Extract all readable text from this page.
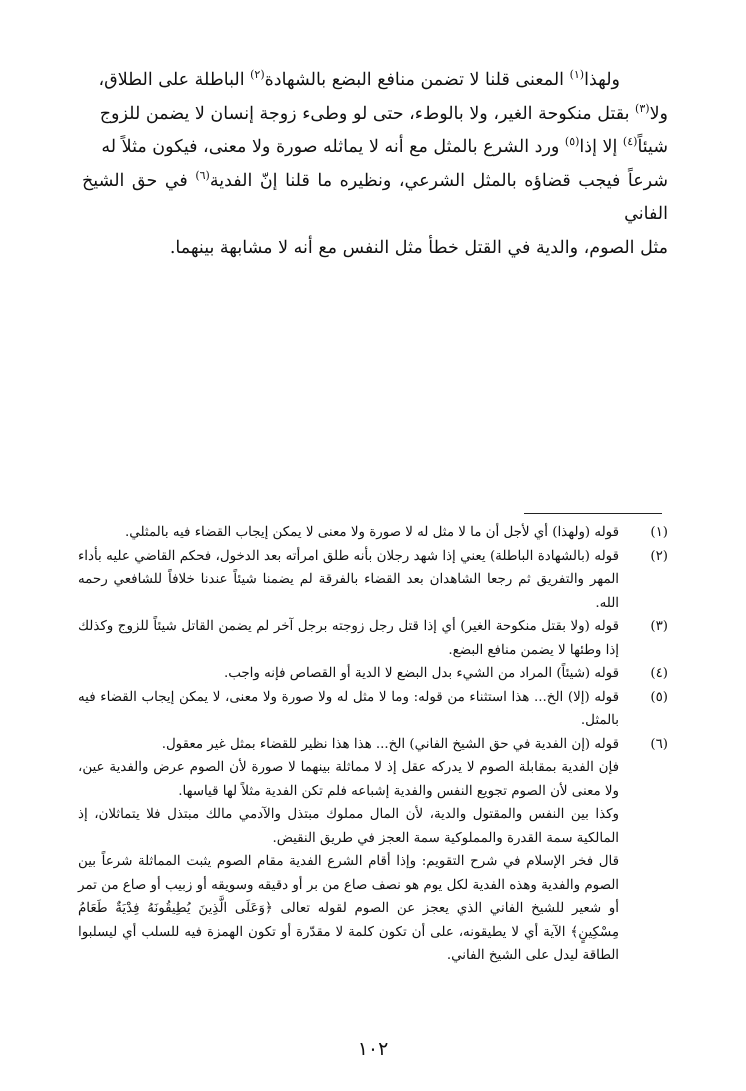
ولهذا$^{(١)}$ المعنى قلنا لا تضمن منافع البضع بالشهادة$^{(٢)}$ الباطلة على الطلاق،

ولا$^{(٣)}$ بقتل منكوحة الغير، ولا بالوطء، حتى لو وطىء زوجة إنسان لا يضمن للزوج

شيئاً$^{(٤)}$ إلا إذا$^{(٥)}$ ورد الشرع بالمثل مع أنه لا يماثله صورة ولا معنى، فيكون مثلاً له

شرعاً فيجب قضاؤه بالمثل الشرعي، ونظيره ما قلنا إنّ الفدية$^{(٦)}$ في حق الشيخ الفاني

مثل الصوم، والدية في القتل خطأ مثل النفس مع أنه لا مشابهة بينهما.

(١)

قوله (ولهذا) أي لأجل أن ما لا مثل له لا صورة ولا معنى لا يمكن إيجاب القضاء فيه بالمثلي.

(٢)

قوله (بالشهادة الباطلة) يعني إذا شهد رجلان بأنه طلق امرأته بعد الدخول، فحكم القاضي عليه بأداء المهر والتفريق ثم رجعا الشاهدان بعد القضاء بالفرقة لم يضمنا شيئاً عندنا خلافاً للشافعي رحمه الله.

(٣)

قوله (ولا بقتل منكوحة الغير) أي إذا قتل رجل زوجته برجل آخر لم يضمن القاتل شيئاً للزوج وكذلك إذا وطئها لا يضمن منافع البضع.

(٤)

قوله (شيئاً) المراد من الشيء بدل البضع لا الدية أو القصاص فإنه واجب.

(٥)

قوله (إلا) الخ... هذا استثناء من قوله: وما لا مثل له ولا صورة ولا معنى، لا يمكن إيجاب القضاء فيه بالمثل.

(٦)

قوله (إن الفدية في حق الشيخ الفاني) الخ... هذا هذا نظير للقضاء بمثل غير معقول.

فإن الفدية بمقابلة الصوم لا يدركه عقل إذ لا مماثلة بينهما لا صورة لأن الصوم عرض والفدية عين، ولا معنى لأن الصوم تجويع النفس والفدية إشباعه فلم تكن الفدية مثلاً لها قياسها.

وكذا بين النفس والمقتول والدية، لأن المال مملوك مبتذل والآدمي مالك مبتذل فلا يتماثلان، إذ المالكية سمة القدرة والمملوكية سمة العجز في طريق النقيض.

قال فخر الإسلام في شرح التقويم: وإذا أقام الشرع الفدية مقام الصوم يثبت المماثلة شرعاً بين الصوم والفدية وهذه الفدية لكل يوم هو نصف صاع من بر أو دقيقه وسويقه أو زبيب أو صاع من تمر أو شعير للشيخ الفاني الذي يعجز عن الصوم لقوله تعالى ﴿وَعَلَى الَّذِينَ يُطِيقُونَهُ فِدْيَةٌ طَعَامُ مِسْكِينٍ﴾ الآية أي لا يطيقونه، على أن تكون كلمة لا مقدّرة أو تكون الهمزة فيه للسلب أي ليسلبوا الطاقة ليدل على الشيخ الفاني.

١٠٢
